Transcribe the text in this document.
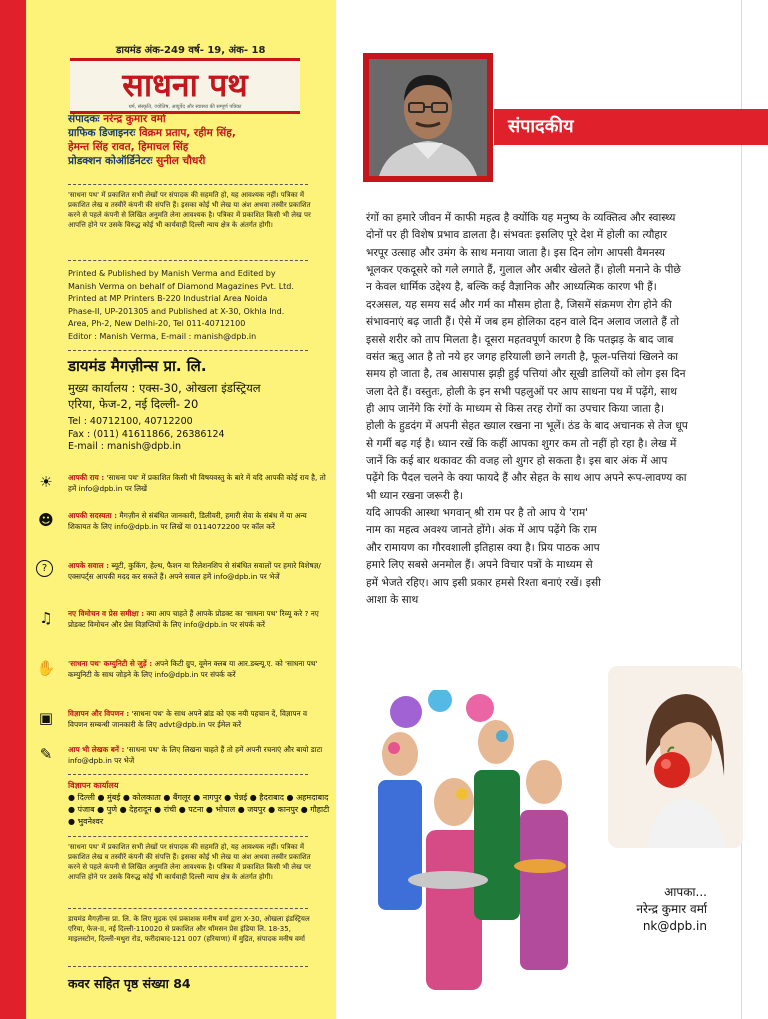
डायमंड अंक-249 वर्ष- 19, अंक- 18
साधना पथ
धर्म, संस्कृति, ज्योतिष, आयुर्वेद और स्वास्थ्य की सम्पूर्ण पत्रिका
संपादकः नरेन्द्र कुमार वर्मा
ग्राफिक डिजाइनरः विक्रम प्रताप, रहीम सिंह,
हेमन्त सिंह रावत, हिमाचल सिंह
प्रोडक्शन कोऑर्डिनेटरः सुनील चौधरी
'साधना पथ' में प्रकाशित सभी लेखों पर संपादक की सहमति हो, यह आवश्यक नहीं। पत्रिका में प्रकाशित लेख व तस्वीरें कंपनी की संपत्ति हैं। इसका कोई भी लेख या अंश अथवा तस्वीर प्रकाशित करने से पहले कंपनी से लिखित अनुमति लेना आवश्यक है। पत्रिका में प्रकाशित किसी भी लेख पर आपत्ति होने पर उसके विरुद्ध कोई भी कार्यवाही दिल्ली न्याय क्षेत्र के अंतर्गत होगी।
Printed & Published by Manish Verma and Edited by
Manish Verma on behalf of Diamond Magazines Pvt. Ltd.
Printed at MP Printers B-220 Industrial Area Noida
Phase-II, UP-201305 and Published at X-30, Okhla Ind.
Area, Ph-2, New Delhi-20, Tel 011-40712100
Editor : Manish Verma, E-mail : manish@dpb.in
डायमंड मैगज़ीन्स प्रा. लि.
मुख्य कार्यालय : एक्स-30, ओखला इंडस्ट्रियल
एरिया, फेज-2, नई दिल्ली- 20
Tel : 40712100, 40712200
Fax : (011) 41611866, 26386124
E-mail : manish@dpb.in
☀	आपकी राय : 'साधना पथ' में प्रकाशित किसी भी विषयवस्तु के बारे में यदि आपकी कोई राय है, तो हमें info@dpb.in पर लिखें
☻ आपकी सदस्यता : मैगज़ीन से संबंधित जानकारी, डिलीवरी, हमारी सेवा के संबंध में या अन्य शिकायत के लिए info@dpb.in पर लिखें या 0114072200 पर कॉल करें
?	आपके सवाल : ब्यूटी, कुकिंग, हेल्थ, फैशन या रिलेशनशिप से संबंधित सवालों पर हमारे विशेषज्ञ/एक्सपर्ट्स आपकी मदद कर सकते हैं। अपने सवाल हमें info@dpb.in पर भेजें
♫	नए विमोचन व प्रेस समीक्षा : क्या आप चाहते हैं आपके प्रोडक्ट का 'साधना पथ' रिव्यू करे ? नए प्रोडक्ट विमोचन और प्रेस विज्ञप्तियों के लिए info@dpb.in पर संपर्क करें
✋ 'साधना पथ' कम्युनिटी से जुड़ें : अपने किटी ग्रुप, वूमेन क्लब या आर.डब्ल्यू.ए. को 'साधना पथ' कम्युनिटी के साथ जोड़ने के लिए info@dpb.in पर संपर्क करें
▣	विज्ञापन और विपणन : 'साधना पथ' के साथ अपने ब्रांड को एक नयी पहचान दें, विज्ञापन व विपणन सम्बन्धी जानकारी के लिए advt@dpb.in पर ईमेल करें
✎	आप भी लेखक बनें : 'साधना पथ' के लिए लिखना चाहते हैं तो हमें अपनी रचनाएं और बायो डाटा info@dpb.in पर भेजें
विज्ञापन कार्यालय
● दिल्ली ● मुंबई ● कोलकाता ● बैंगलूर ● नागपुर ● चेन्नई ● हैदराबाद ● अहमदाबाद ● पंजाब ● पुणे ● देहरादून ● रांची ● पटना ● भोपाल ● जयपुर ● कानपुर ● गौहाटी ● भुवनेश्वर
'साधना पथ' में प्रकाशित सभी लेखों पर संपादक की सहमति हो, यह आवश्यक नहीं। पत्रिका में प्रकाशित लेख व तस्वीरें कंपनी की संपत्ति हैं। इसका कोई भी लेख या अंश अथवा तस्वीर प्रकाशित करने से पहले कंपनी से लिखित अनुमति लेना आवश्यक है। पत्रिका में प्रकाशित किसी भी लेख पर आपत्ति होने पर उसके विरुद्ध कोई भी कार्यवाही दिल्ली न्याय क्षेत्र के अंतर्गत होगी।
डायमंड मैगज़ीन्स प्रा. लि. के लिए मुद्रक एवं प्रकाशक मनीष वर्मा द्वारा X-30, ओखला इंडस्ट्रियल एरिया, फेज-II, नई दिल्ली-110020 से प्रकाशित और थॉमसन प्रेस इंडिया लि. 18-35, माइलस्टोन, दिल्ली-मथुरा रोड, फरीदाबाद-121 007 (हरियाणा) में मुद्रित, संपादक मनीष वर्मा
कवर सहित पृष्ठ संख्या 84
संपादकीय

रंगों का हमारे जीवन में काफी महत्व है क्योंकि यह मनुष्य के व्यक्तित्व और स्वास्थ्य दोनों पर ही विशेष प्रभाव डालता है। संभवतः इसलिए पूरे देश में होली का त्यौहार भरपूर उत्साह और उमंग के साथ मनाया जाता है। इस दिन लोग आपसी वैमनस्य भूलकर एकदूसरे को गले लगाते हैं, गुलाल और अबीर खेलते हैं। होली मनाने के पीछे न केवल धार्मिक उद्देश्य है, बल्कि कई वैज्ञानिक और आध्यत्मिक कारण भी हैं। दरअसल, यह समय सर्द और गर्म का मौसम होता है, जिसमें संक्रमण रोग होने की संभावनाएं बढ़ जाती हैं। ऐसे में जब हम होलिका दहन वाले दिन अलाव जलाते हैं तो इससे शरीर को ताप मिलता है। दूसरा महतवपूर्ण कारण है कि पतझड़ के बाद जाब वसंत ऋतु आत है तो नये हर जगह हरियाली छाने लगती है, फूल-पत्तियां खिलने का समय हो जाता है, तब आसपास झड़ी हुई पत्तियां और सूखी डालियों को लोग इस दिन जला देते हैं। वस्तुतः, होली के इन सभी पहलुओं पर आप साधना पथ में पढ़ेंगे, साथ ही आप जानेंगे कि रंगों के माध्यम से किस तरह रोगों का उपचार किया जाता है।

होली के हुडदंग में अपनी सेहत ख्याल रखना ना भूलें। ठंड के बाद अचानक से तेज धूप से गर्मी बढ़ गई है। ध्यान रखें कि कहीं आपका शुगर कम तो नहीं हो रहा है। लेख में जानें कि कई बार थकावट की वजह लो शुगर हो सकता है। इस बार अंक में आप पढ़ेंगे कि पैदल चलने के क्या फायदे हैं और सेहत के साथ आप अपने रूप-लावण्य का भी ध्यान रखना जरूरी है।

यदि आपकी आस्था भगवान् श्री राम पर है तो आप ये 'राम' नाम का महत्व अवश्य जानते होंगे। अंक में आप पढ़ेंगे कि राम और रामायण का गौरवशाली इतिहास क्या है। प्रिय पाठक आप हमारे लिए सबसे अनमोल हैं। अपने विचार पत्रों के माध्यम से हमें भेजते रहिए। आप इसी प्रकार हमसे रिश्ता बनाएं रखें। इसी आशा के साथ

आपका...
नरेन्द्र कुमार वर्मा
nk@dpb.in
